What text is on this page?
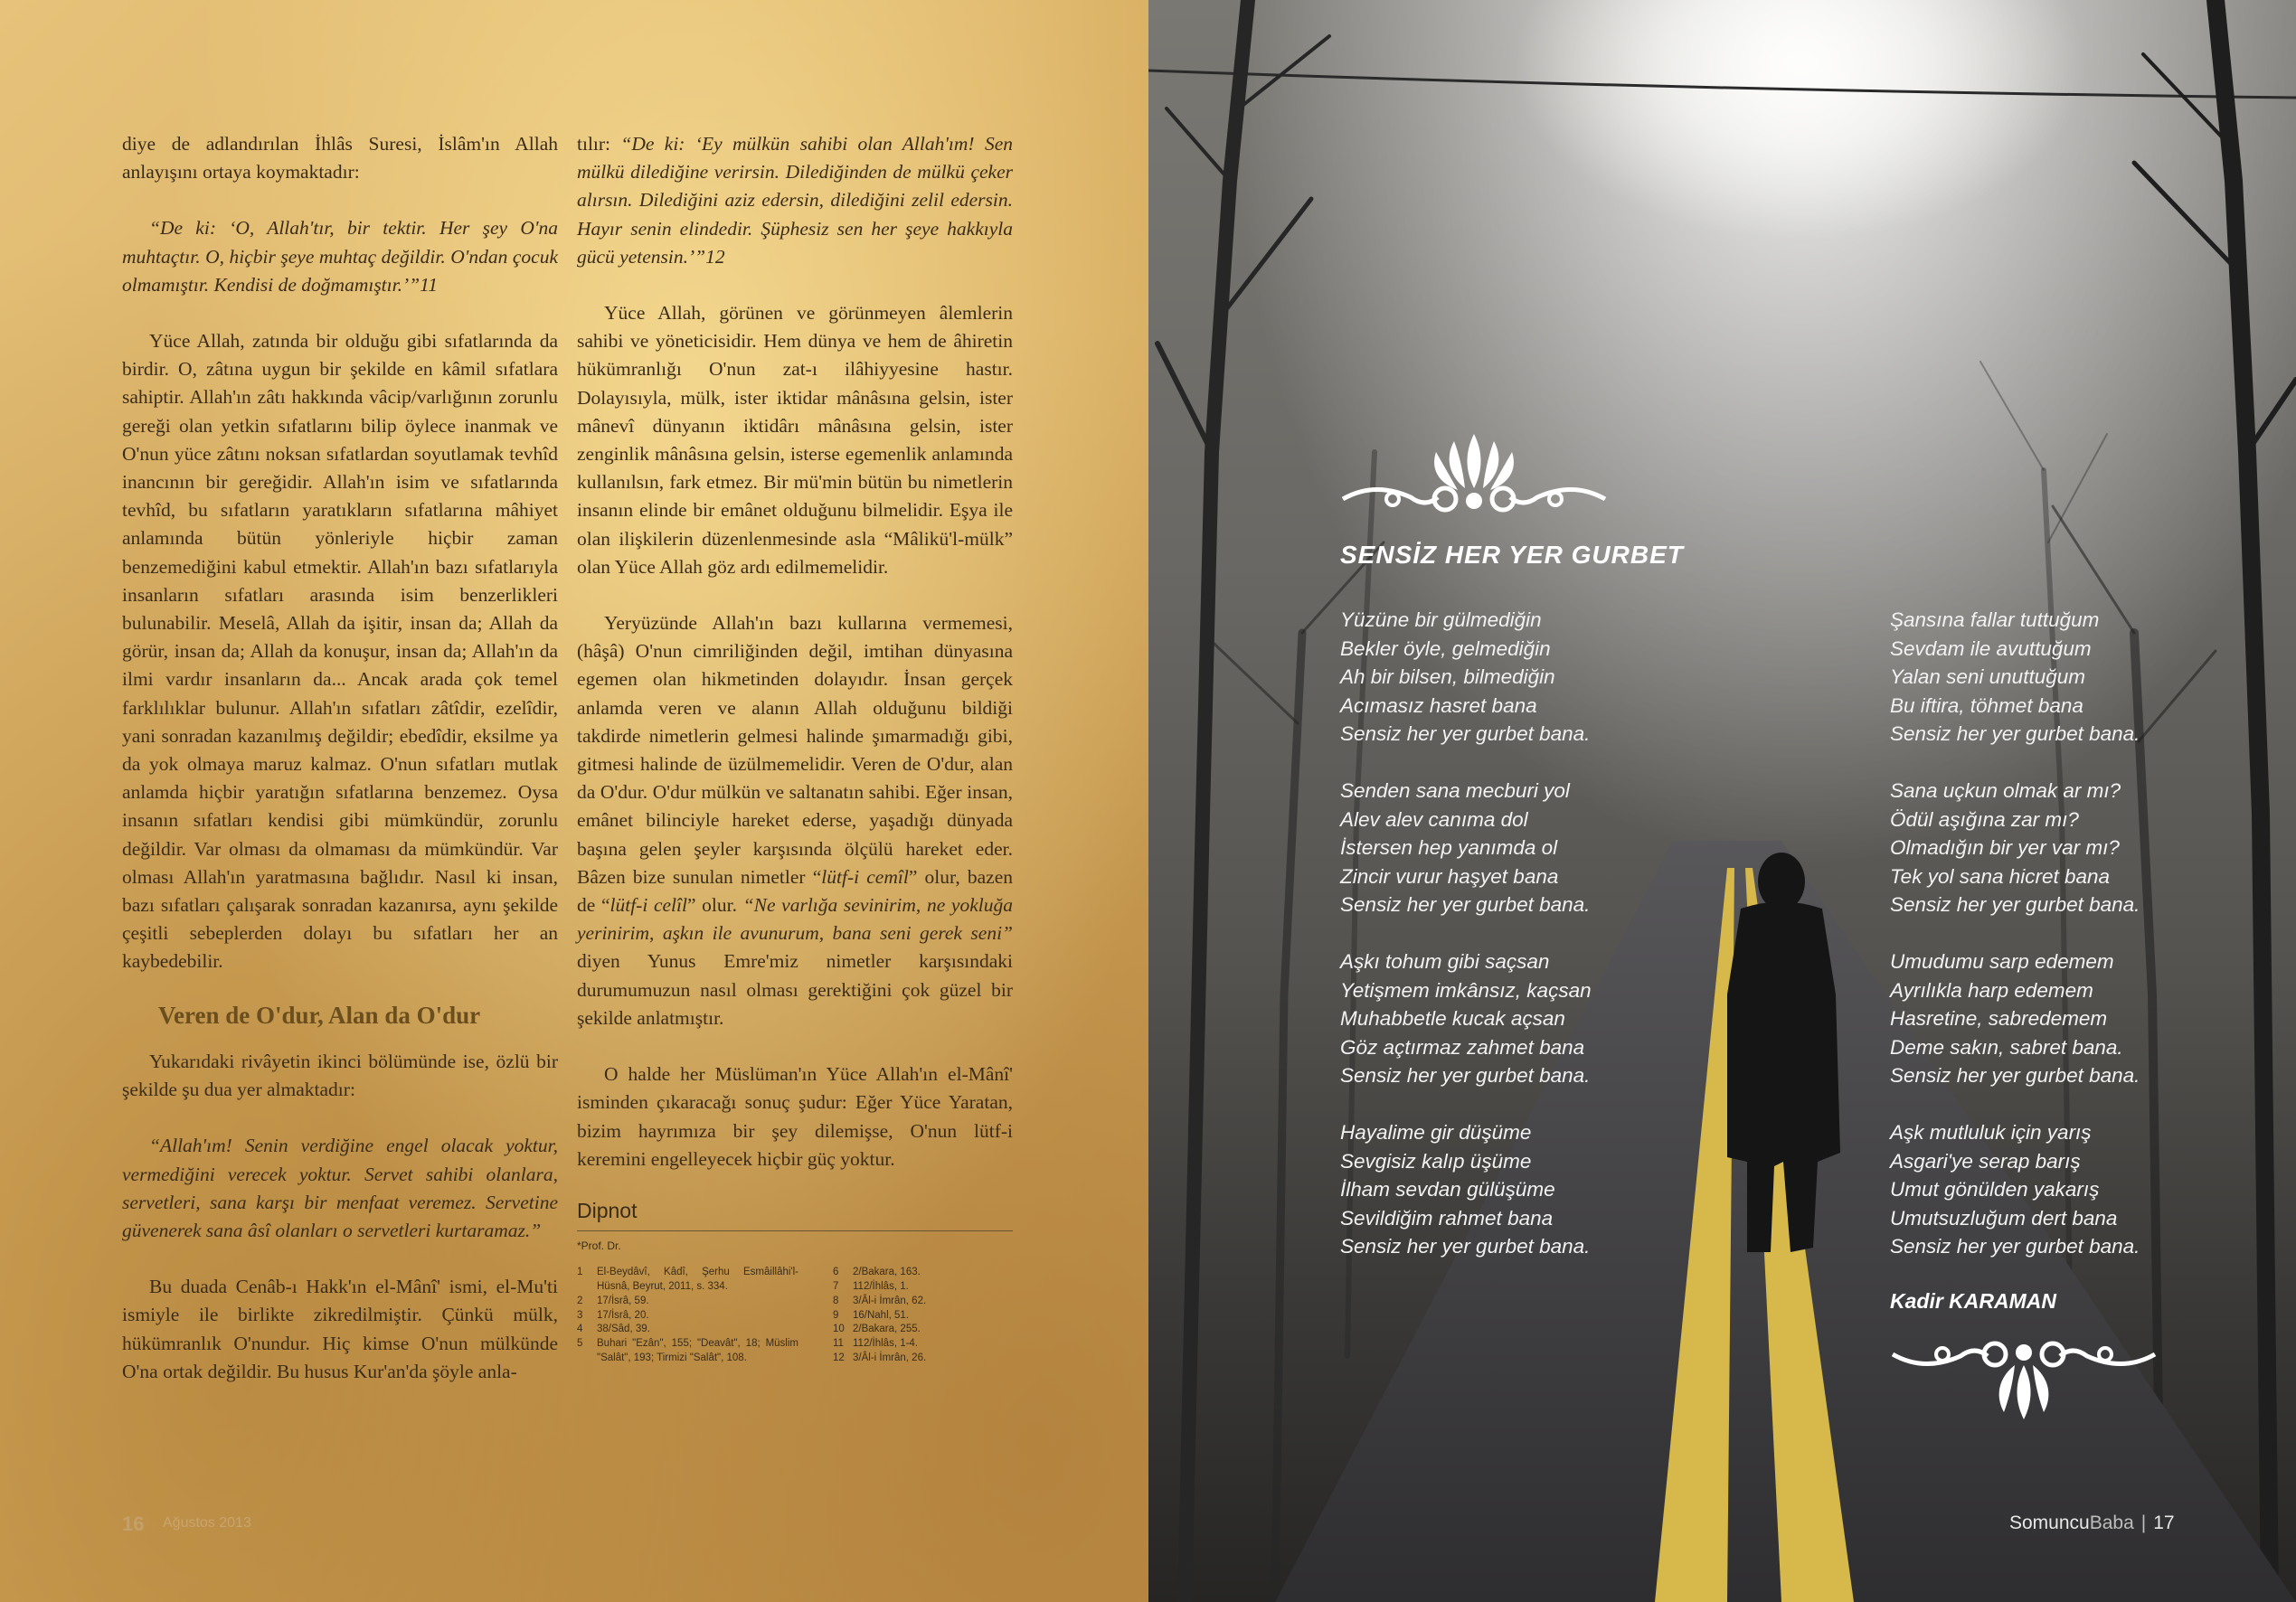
diye de adlandırılan İhlâs Suresi, İslâm'ın Allah anlayışını ortaya koymaktadır:

“De ki: ‘O, Allah'tır, bir tektir. Her şey O'na muhtaçtır. O, hiçbir şeye muhtaç değildir. O'ndan çocuk olmamıştır. Kendisi de doğmamıştır.’”11

Yüce Allah, zatında bir olduğu gibi sıfatlarında da birdir. O, zâtına uygun bir şekilde en kâmil sıfatlara sahiptir. Allah'ın zâtı hakkında vâcip/varlığının zorunlu gereği olan yetkin sıfatlarını bilip öylece inanmak ve O'nun yüce zâtını noksan sıfatlardan soyutlamak tevhîd inancının bir gereğidir. Allah'ın isim ve sıfatlarında tevhîd, bu sıfatların yaratıkların sıfatlarına mâhiyet anlamında bütün yönleriyle hiçbir zaman benzemediğini kabul etmektir. Allah'ın bazı sıfatlarıyla insanların sıfatları arasında isim benzerlikleri bulunabilir. Meselâ, Allah da işitir, insan da; Allah da görür, insan da; Allah da konuşur, insan da; Allah'ın da ilmi vardır insanların da... Ancak arada çok temel farklılıklar bulunur. Allah'ın sıfatları zâtîdir, ezelîdir, yani sonradan kazanılmış değildir; ebedîdir, eksilme ya da yok olmaya maruz kalmaz. O'nun sıfatları mutlak anlamda hiçbir yaratığın sıfatlarına benzemez. Oysa insanın sıfatları kendisi gibi mümkündür, zorunlu değildir. Var olması da olmaması da mümkündür. Var olması Allah'ın yaratmasına bağlıdır. Nasıl ki insan, bazı sıfatları çalışarak sonradan kazanırsa, aynı şekilde çeşitli sebeplerden dolayı bu sıfatları her an kaybedebilir.

Veren de O'dur, Alan da O'dur

Yukarıdaki rivâyetin ikinci bölümünde ise, özlü bir şekilde şu dua yer almaktadır:

“Allah'ım! Senin verdiğine engel olacak yoktur, vermediğini verecek yoktur. Servet sahibi olanlara, servetleri, sana karşı bir menfaat veremez. Servetine güvenerek sana âsî olanları o servetleri kurtaramaz.”

Bu duada Cenâb-ı Hakk'ın el-Mânî' ismi, el-Mu'ti ismiyle ile birlikte zikredilmiştir. Çünkü mülk, hükümranlık O'nundur. Hiç kimse O'nun mülkünde O'na ortak değildir. Bu husus Kur'an'da şöyle anla-

tılır: “De ki: ‘Ey mülkün sahibi olan Allah'ım! Sen mülkü dilediğine verirsin. Dilediğinden de mülkü çeker alırsın. Dilediğini aziz edersin, dilediğini zelil edersin. Hayır senin elindedir. Şüphesiz sen her şeye hakkıyla gücü yetensin.’”12

Yüce Allah, görünen ve görünmeyen âlemlerin sahibi ve yöneticisidir. Hem dünya ve hem de âhiretin hükümranlığı O'nun zat-ı ilâhiyyesine hastır. Dolayısıyla, mülk, ister iktidar mânâsına gelsin, ister mânevî dünyanın iktidârı mânâsına gelsin, ister zenginlik mânâsına gelsin, isterse egemenlik anlamında kullanılsın, fark etmez. Bir mü'min bütün bu nimetlerin insanın elinde bir emânet olduğunu bilmelidir. Eşya ile olan ilişkilerin düzenlenmesinde asla “Mâlikü'l-mülk” olan Yüce Allah göz ardı edilmemelidir.

Yeryüzünde Allah'ın bazı kullarına vermemesi, (hâşâ) O'nun cimriliğinden değil, imtihan dünyasına egemen olan hikmetinden dolayıdır. İnsan gerçek anlamda veren ve alanın Allah olduğunu bildiği takdirde nimetlerin gelmesi halinde şımarmadığı gibi, gitmesi halinde de üzülmemelidir. Veren de O'dur, alan da O'dur. O'dur mülkün ve saltanatın sahibi. Eğer insan, emânet bilinciyle hareket ederse, yaşadığı dünyada başına gelen şeyler karşısında ölçülü hareket eder. Bâzen bize sunulan nimetler “lütf-i cemîl” olur, bazen de “lütf-i celîl” olur. “Ne varlığa sevinirim, ne yokluğa yerinirim, aşkın ile avunurum, bana seni gerek seni” diyen Yunus Emre'miz nimetler karşısındaki durumumuzun nasıl olması gerektiğini çok güzel bir şekilde anlatmıştır.

O halde her Müslüman'ın Yüce Allah'ın el-Mânî' isminden çıkaracağı sonuç şudur: Eğer Yüce Yaratan, bizim hayrımıza bir şey dilemişse, O'nun lütf-i keremini engelleyecek hiçbir güç yoktur.

Dipnot
*Prof. Dr.
1	El-Beydâvî, Kâdî, Şerhu Esmâillâhi'l-Hüsnâ, Beyrut, 2011, s. 334.
2	17/İsrâ, 59.
3	17/İsrâ, 20.
4	38/Sâd, 39.
5	Buhari "Ezân", 155; "Deavât", 18; Müslim "Salât", 193; Tirmizi "Salât", 108.
6	2/Bakara, 163.
7	112/İhlâs, 1.
8	3/Âl-i İmrân, 62.
9	16/Nahl, 51.
10 2/Bakara, 255.
11 112/İhlâs, 1-4.
12 3/Âl-i İmrân, 26.
16 Ağustos 2013
SENSİZ HER YER GURBET
Yüzüne bir gülmediğin
Bekler öyle, gelmediğin
Ah bir bilsen, bilmediğin
Acımasız hasret bana
Sensiz her yer gurbet bana.
Senden sana mecburi yol
Alev alev canıma dol
İstersen hep yanımda ol
Zincir vurur haşyet bana
Sensiz her yer gurbet bana.
Aşkı tohum gibi saçsan
Yetişmem imkânsız, kaçsan
Muhabbetle kucak açsan
Göz açtırmaz zahmet bana
Sensiz her yer gurbet bana.
Hayalime gir düşüme
Sevgisiz kalıp üşüme
İlham sevdan gülüşüme
Sevildiğim rahmet bana
Sensiz her yer gurbet bana.
Şansına fallar tuttuğum
Sevdam ile avuttuğum
Yalan seni unuttuğum
Bu iftira, töhmet bana
Sensiz her yer gurbet bana.
Sana uçkun olmak ar mı?
Ödül aşığına zar mı?
Olmadığın bir yer var mı?
Tek yol sana hicret bana
Sensiz her yer gurbet bana.
Umudumu sarp edemem
Ayrılıkla harp edemem
Hasretine, sabredemem
Deme sakın, sabret bana.
Sensiz her yer gurbet bana.
Aşk mutluluk için yarış
Asgari'ye serap barış
Umut gönülden yakarış
Umutsuzluğum dert bana
Sensiz her yer gurbet bana.
Kadir KARAMAN
SomuncuBaba | 17
